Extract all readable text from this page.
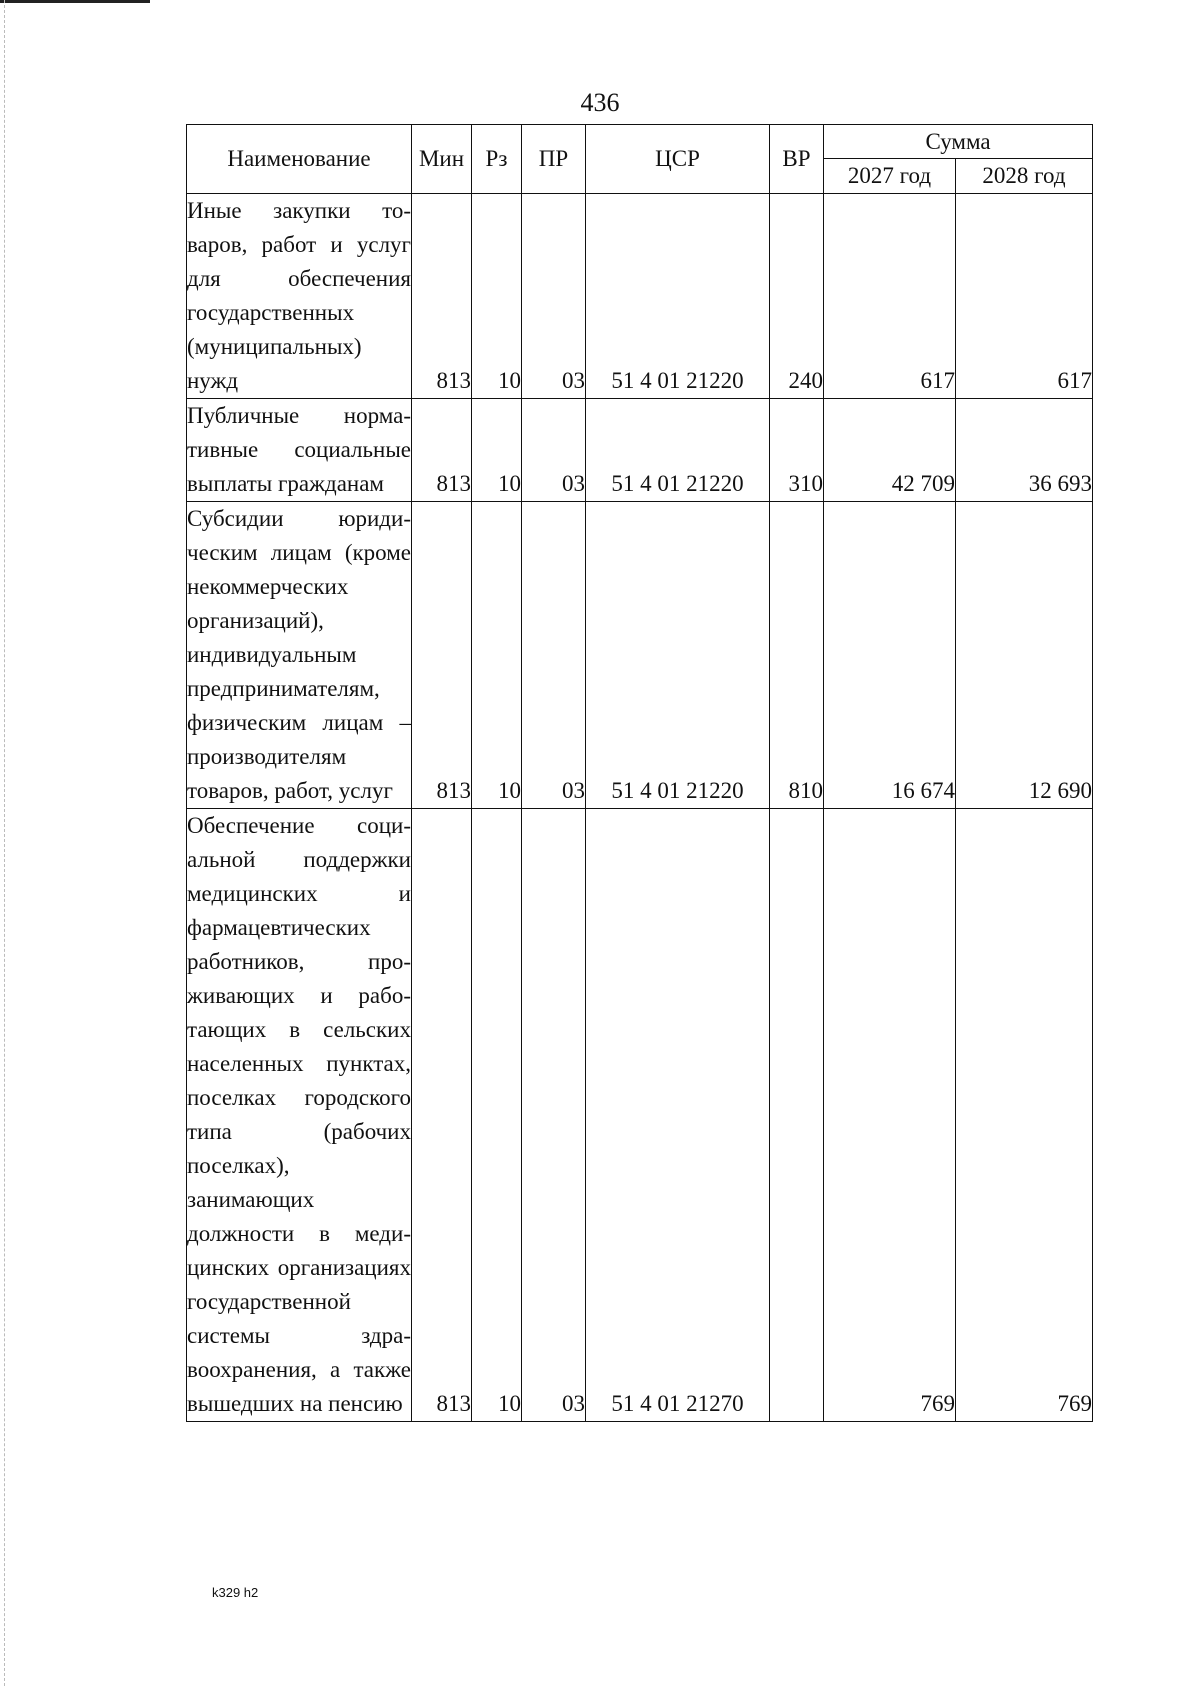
436
Наименование	Мин	Рз	ПР	ЦСР	ВР	Сумма	
						2027 год	2028 год
Иные закупки товаров, работ и услуг для обеспечения государственных (муниципальных) нужд	813	10	03	51 4 01 21220	240	617	617
Публичные нормативные социальные выплаты гражданам	813	10	03	51 4 01 21220	310	42 709	36 693
Субсидии юридическим лицам (кроме некоммерческих организаций), индивидуальным предпринимателям, физическим лицам – производителям товаров, работ, услуг	813	10	03	51 4 01 21220	810	16 674	12 690
Обеспечение социальной поддержки медицинских и фармацевтических работников, проживающих и работающих в сельских населенных пунктах, поселках городского типа (рабочих поселках), занимающих должности в медицинских организациях государственной системы здравоохранения, а также вышедших на пенсию	813	10	03	51 4 01 21270		769	769
k329 h2
